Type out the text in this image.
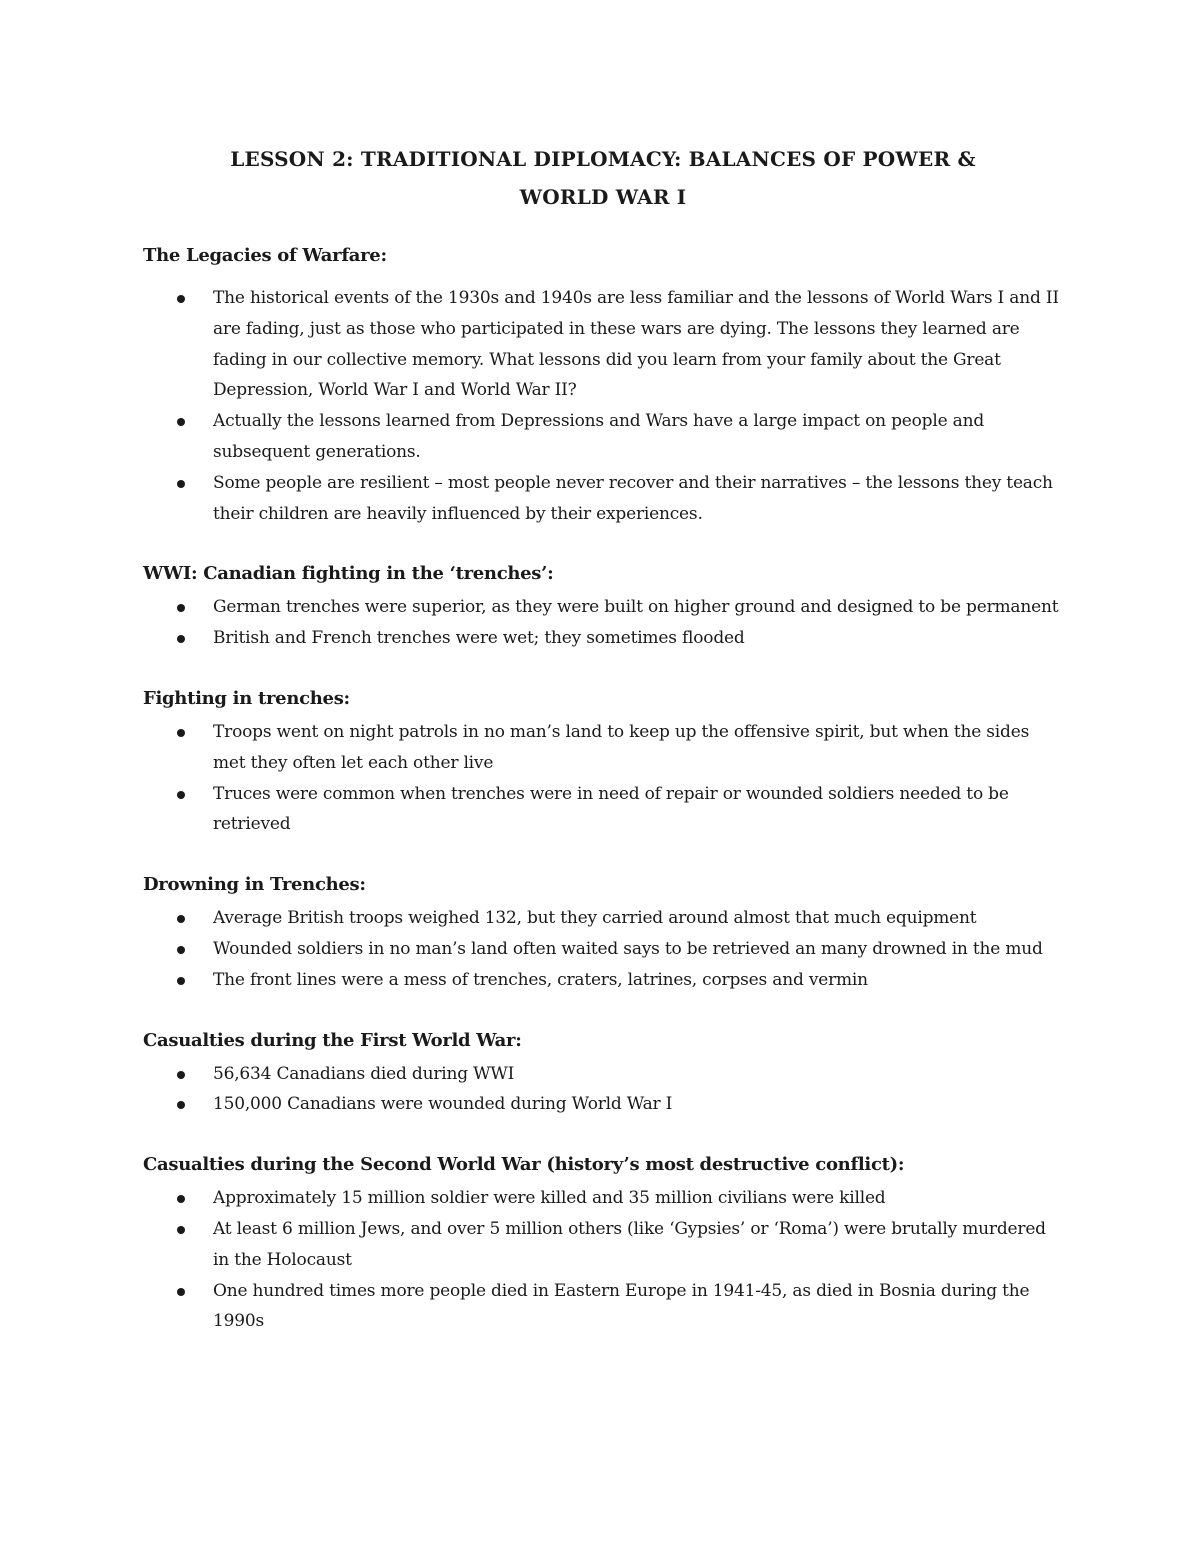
LESSON 2: TRADITIONAL DIPLOMACY: BALANCES OF POWER &
WORLD WAR I
The Legacies of Warfare:
The historical events of the 1930s and 1940s are less familiar and the lessons of World Wars I and II are fading, just as those who participated in these wars are dying. The lessons they learned are fading in our collective memory. What lessons did you learn from your family about the Great Depression, World War I and World War II?
Actually the lessons learned from Depressions and Wars have a large impact on people and subsequent generations.
Some people are resilient – most people never recover and their narratives – the lessons they teach their children are heavily influenced by their experiences.
WWI: Canadian fighting in the ‘trenches’:
German trenches were superior, as they were built on higher ground and designed to be permanent
British and French trenches were wet; they sometimes flooded
Fighting in trenches:
Troops went on night patrols in no man’s land to keep up the offensive spirit, but when the sides met they often let each other live
Truces were common when trenches were in need of repair or wounded soldiers needed to be retrieved
Drowning in Trenches:
Average British troops weighed 132, but they carried around almost that much equipment
Wounded soldiers in no man’s land often waited says to be retrieved an many drowned in the mud
The front lines were a mess of trenches, craters, latrines, corpses and vermin
Casualties during the First World War:
56,634 Canadians died during WWI
150,000 Canadians were wounded during World War I
Casualties during the Second World War (history’s most destructive conflict):
Approximately 15 million soldier were killed and 35 million civilians were killed
At least 6 million Jews, and over 5 million others (like ‘Gypsies’ or ‘Roma’) were brutally murdered in the Holocaust
One hundred times more people died in Eastern Europe in 1941-45, as died in Bosnia during the 1990s
